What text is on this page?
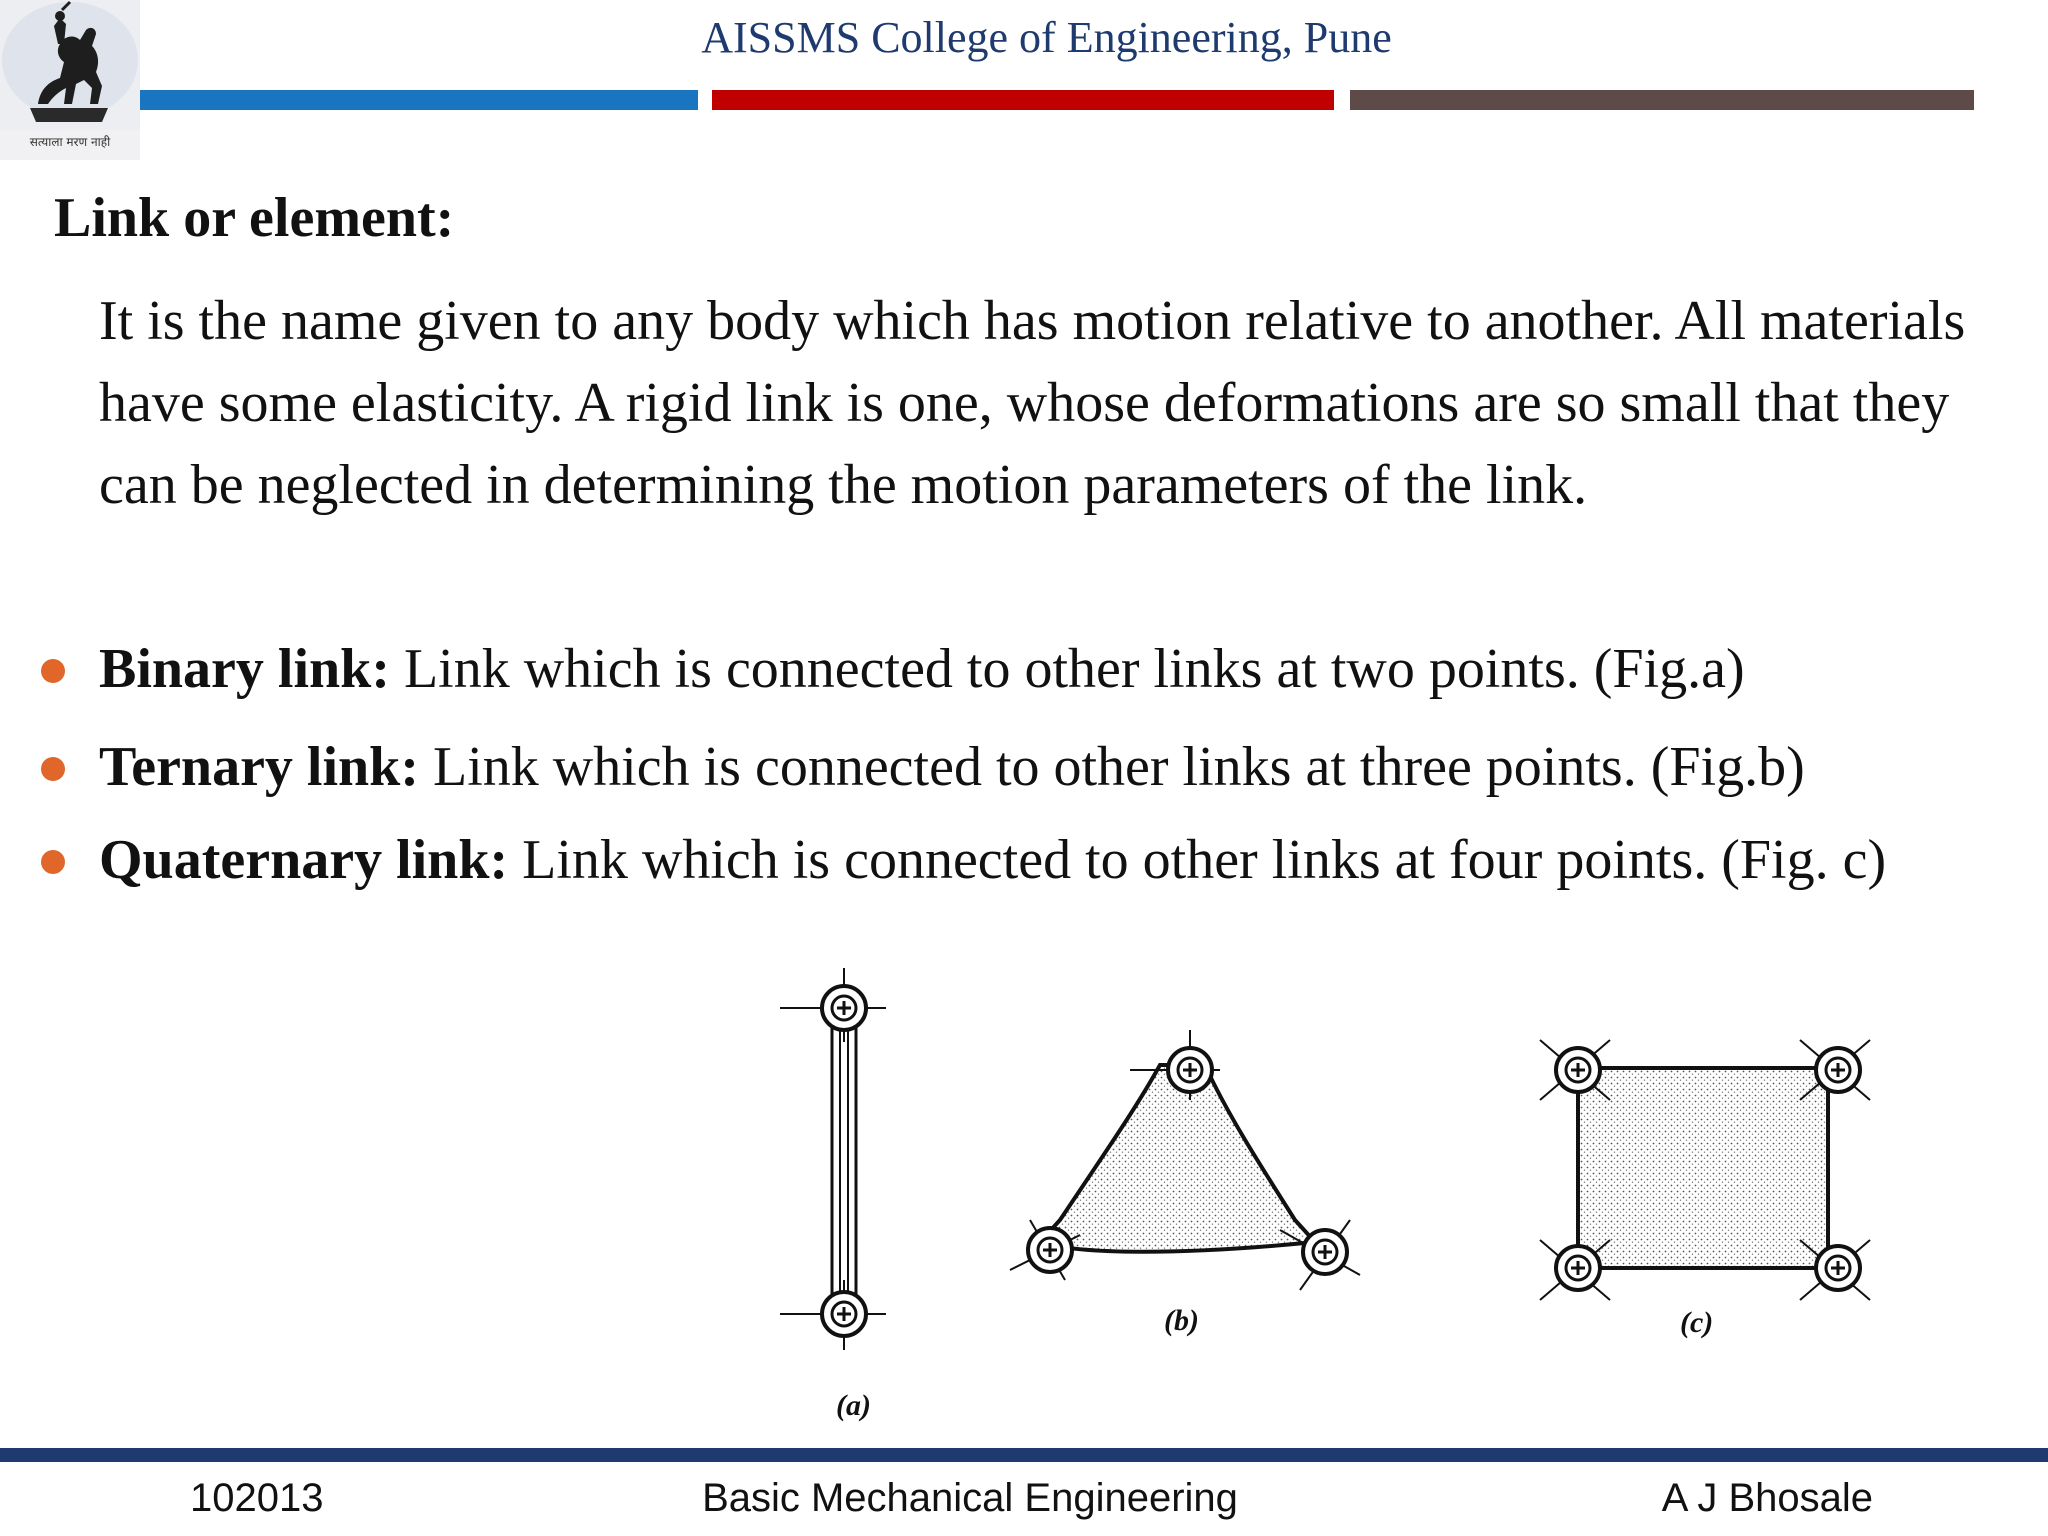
सत्याला मरण नाही
AISSMS College of Engineering, Pune
Link or element:
It is the name given to any body which has motion relative to another. All materials have some elasticity. A rigid link is one, whose deformations are so small that they can be neglected in determining the motion parameters of the link.
Binary link: Link which is connected to other links at two points. (Fig.a)
Ternary link: Link which is connected to other links at three points. (Fig.b)
Quaternary link: Link which is connected to other links at four points. (Fig. c)
(a)
(b)	(c)
102013	Basic Mechanical Engineering	A J Bhosale
